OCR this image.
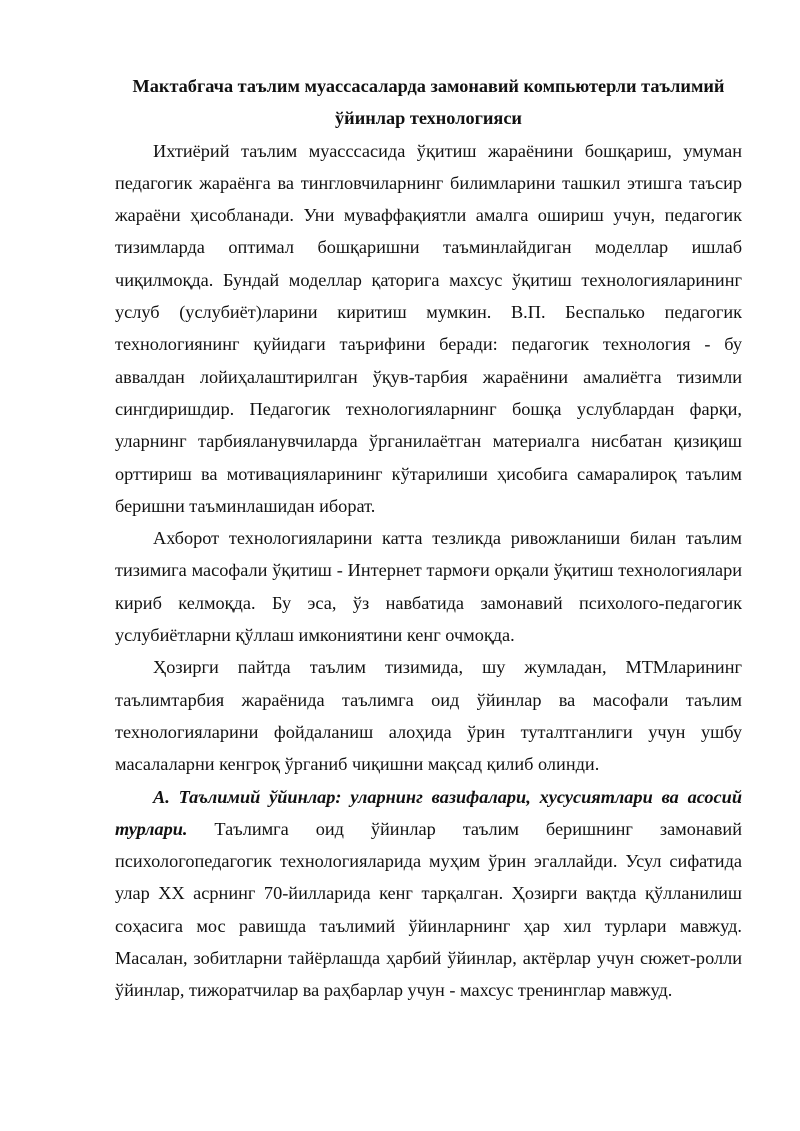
Мактабгача таълим муассасаларда замонавий компьютерли таълимий ўйинлар технологияси

Ихтиёрий таълим муасссасида ўқитиш жараёнини бошқариш, умуман педагогик жараёнга ва тингловчиларнинг билимларини ташкил этишга таъсир жараёни ҳисобланади. Уни муваффақиятли амалга ошириш учун, педагогик тизимларда оптимал бошқаришни таъминлайдиган моделлар ишлаб чиқилмоқда. Бундай моделлар қаторига махсус ўқитиш технологияларининг услуб (услубиёт)ларини киритиш мумкин. В.П. Беспалько педагогик технологиянинг қуйидаги таърифини беради: педагогик технология - бу аввалдан лойиҳалаштирилган ўқув-тарбия жараёнини амалиётга тизимли сингдиришдир. Педагогик технологияларнинг бошқа услублардан фарқи, уларнинг тарбияланувчиларда ўрганилаётган материалга нисбатан қизиқиш орттириш ва мотивацияларининг кўтарилиши ҳисобига самаралироқ таълим беришни таъминлашидан иборат.

Ахборот технологияларини катта тезликда ривожланиши билан таълим тизимига масофали ўқитиш - Интернет тармоғи орқали ўқитиш технологиялари кириб келмоқда. Бу эса, ўз навбатида замонавий психолого-педагогик услубиётларни қўллаш имкониятини кенг очмоқда.

Ҳозирги пайтда таълим тизимида, шу жумладан, МТМларининг таълимтарбия жараёнида таълимга оид ўйинлар ва масофали таълим технологияларини фойдаланиш алоҳида ўрин туталтганлиги учун ушбу масалаларни кенгроқ ўрганиб чиқишни мақсад қилиб олинди.

А. Таълимий ўйинлар: уларнинг вазифалари, хусусиятлари ва асосий турлари. Таълимга оид ўйинлар таълим беришнинг замонавий психологопедагогик технологияларида муҳим ўрин эгаллайди. Усул сифатида улар XX асрнинг 70-йилларида кенг тарқалган. Ҳозирги вақтда қўлланилиш соҳасига мос равишда таълимий ўйинларнинг ҳар хил турлари мавжуд. Масалан, зобитларни тайёрлашда ҳарбий ўйинлар, актёрлар учун сюжет-ролли ўйинлар, тижоратчилар ва раҳбарлар учун - махсус тренинглар мавжуд.
